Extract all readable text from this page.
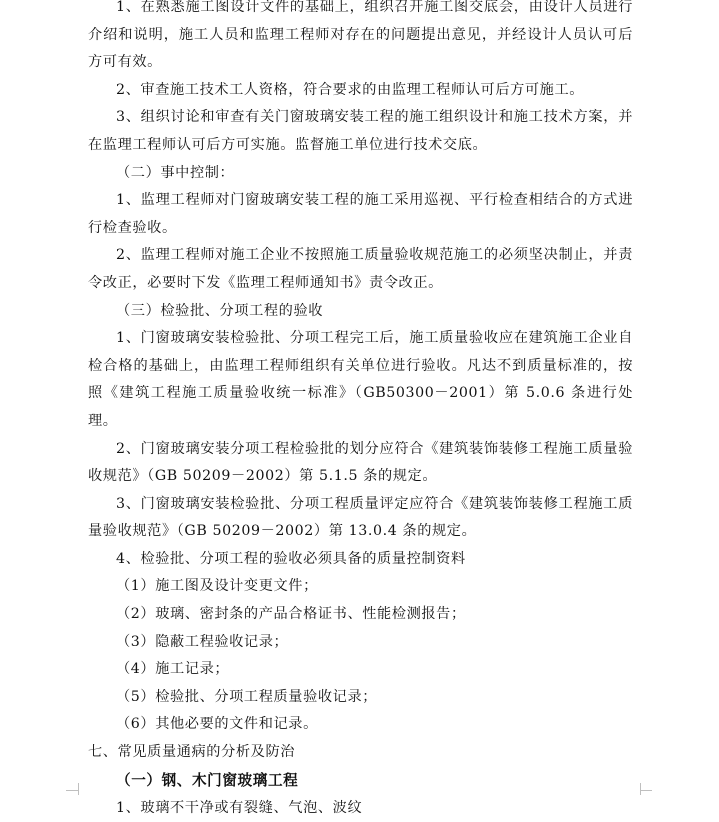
1、在熟悉施工图设计文件的基础上，组织召开施工图交底会，由设计人员进行介绍和说明，施工人员和监理工程师对存在的问题提出意见，并经设计人员认可后方可有效。

2、审查施工技术工人资格，符合要求的由监理工程师认可后方可施工。

3、组织讨论和审查有关门窗玻璃安装工程的施工组织设计和施工技术方案，并在监理工程师认可后方可实施。监督施工单位进行技术交底。

（二）事中控制：

1、监理工程师对门窗玻璃安装工程的施工采用巡视、平行检查相结合的方式进行检查验收。

2、监理工程师对施工企业不按照施工质量验收规范施工的必须坚决制止，并责令改正，必要时下发《监理工程师通知书》责令改正。

（三）检验批、分项工程的验收

1、门窗玻璃安装检验批、分项工程完工后，施工质量验收应在建筑施工企业自检合格的基础上，由监理工程师组织有关单位进行验收。凡达不到质量标准的，按照《建筑工程施工质量验收统一标准》（GB50300－2001）第 5.0.6 条进行处理。

2、门窗玻璃安装分项工程检验批的划分应符合《建筑装饰装修工程施工质量验收规范》（GB 50209－2002）第 5.1.5 条的规定。

3、门窗玻璃安装检验批、分项工程质量评定应符合《建筑装饰装修工程施工质量验收规范》（GB 50209－2002）第 13.0.4 条的规定。

4、检验批、分项工程的验收必须具备的质量控制资料

（1）施工图及设计变更文件；

（2）玻璃、密封条的产品合格证书、性能检测报告；

（3）隐蔽工程验收记录；

（4）施工记录；

（5）检验批、分项工程质量验收记录；

（6）其他必要的文件和记录。

七、常见质量通病的分析及防治

（一）钢、木门窗玻璃工程

1、玻璃不干净或有裂缝、气泡、波纹
